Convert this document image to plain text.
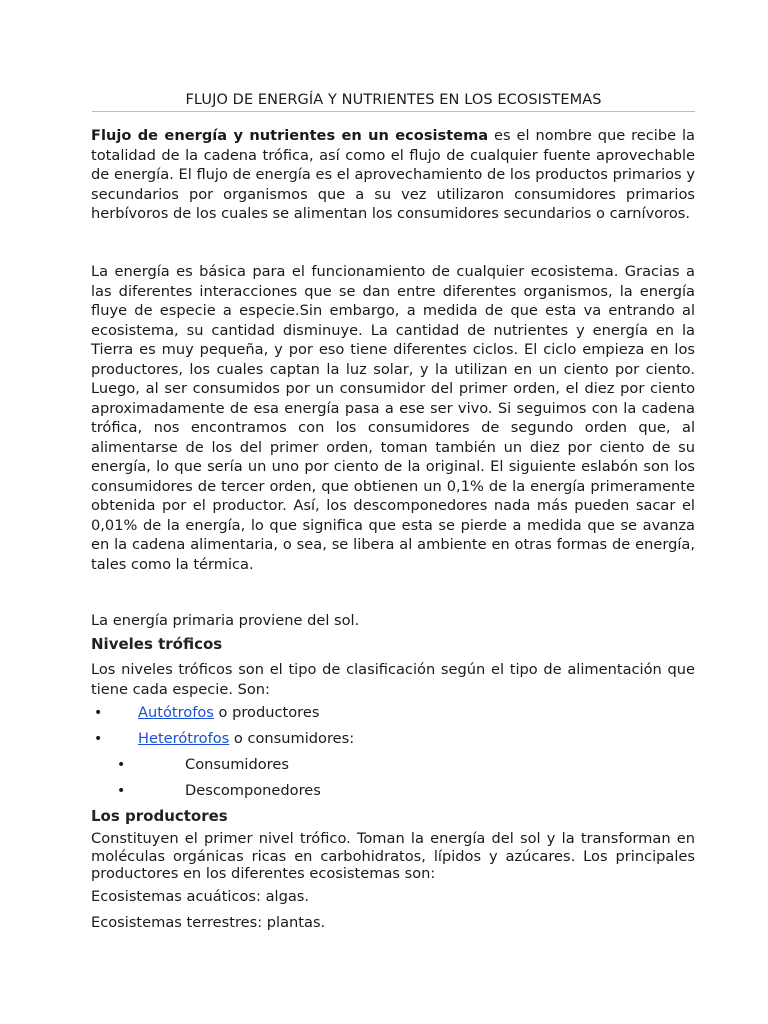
FLUJO DE ENERGÍA Y NUTRIENTES EN LOS ECOSISTEMAS

Flujo de energía y nutrientes en un ecosistema es el nombre que recibe la totalidad de la cadena trófica, así como el flujo de cualquier fuente aprovechable de energía. El flujo de energía es el aprovechamiento de los productos primarios y secundarios por organismos que a su vez utilizaron consumidores primarios herbívoros de los cuales se alimentan los consumidores secundarios o carnívoros.

La energía es básica para el funcionamiento de cualquier ecosistema. Gracias a las diferentes interacciones que se dan entre diferentes organismos, la energía fluye de especie a especie.Sin embargo, a medida de que esta va entrando al ecosistema, su cantidad disminuye. La cantidad de nutrientes y energía en la Tierra es muy pequeña, y por eso tiene diferentes ciclos. El ciclo empieza en los productores, los cuales captan la luz solar, y la utilizan en un ciento por ciento. Luego, al ser consumidos por un consumidor del primer orden, el diez por ciento aproximadamente de esa energía pasa a ese ser vivo. Si seguimos con la cadena trófica, nos encontramos con los consumidores de segundo orden que, al alimentarse de los del primer orden, toman también un diez por ciento de su energía, lo que sería un uno por ciento de la original. El siguiente eslabón son los consumidores de tercer orden, que obtienen un 0,1% de la energía primeramente obtenida por el productor. Así, los descomponedores nada más pueden sacar el 0,01% de la energía, lo que significa que esta se pierde a medida que se avanza en la cadena alimentaria, o sea, se libera al ambiente en otras formas de energía, tales como la térmica.

La energía primaria proviene del sol.
Niveles tróficos

Los niveles tróficos son el tipo de clasificación según el tipo de alimentación que tiene cada especie. Son:

• Autótrofos o productores
• Heterótrofos o consumidores:
•	Consumidores
•	Descomponedores
Los productores

Constituyen el primer nivel trófico. Toman la energía del sol y la transforman en moléculas orgánicas ricas en carbohidratos, lípidos y azúcares. Los principales productores en los diferentes ecosistemas son:

Ecosistemas acuáticos: algas.
Ecosistemas terrestres: plantas.
